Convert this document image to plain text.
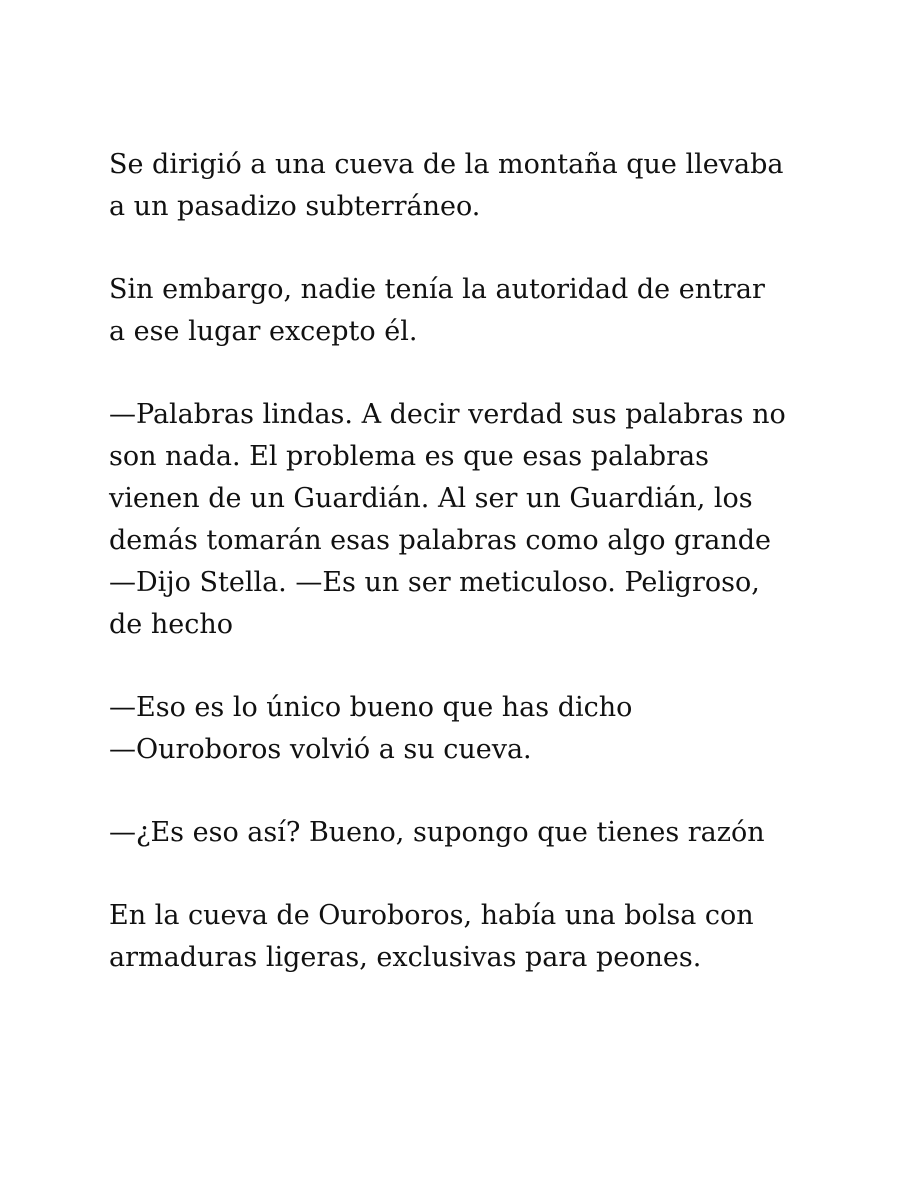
Se dirigió a una cueva de la montaña que llevaba
a un pasadizo subterráneo.

Sin embargo, nadie tenía la autoridad de entrar
a ese lugar excepto él.

—Palabras lindas. A decir verdad sus palabras no
son nada. El problema es que esas palabras
vienen de un Guardián. Al ser un Guardián, los
demás tomarán esas palabras como algo grande
—Dijo Stella. —Es un ser meticuloso. Peligroso,
de hecho

—Eso es lo único bueno que has dicho
—Ouroboros volvió a su cueva.

—¿Es eso así? Bueno, supongo que tienes razón

En la cueva de Ouroboros, había una bolsa con
armaduras ligeras, exclusivas para peones.
